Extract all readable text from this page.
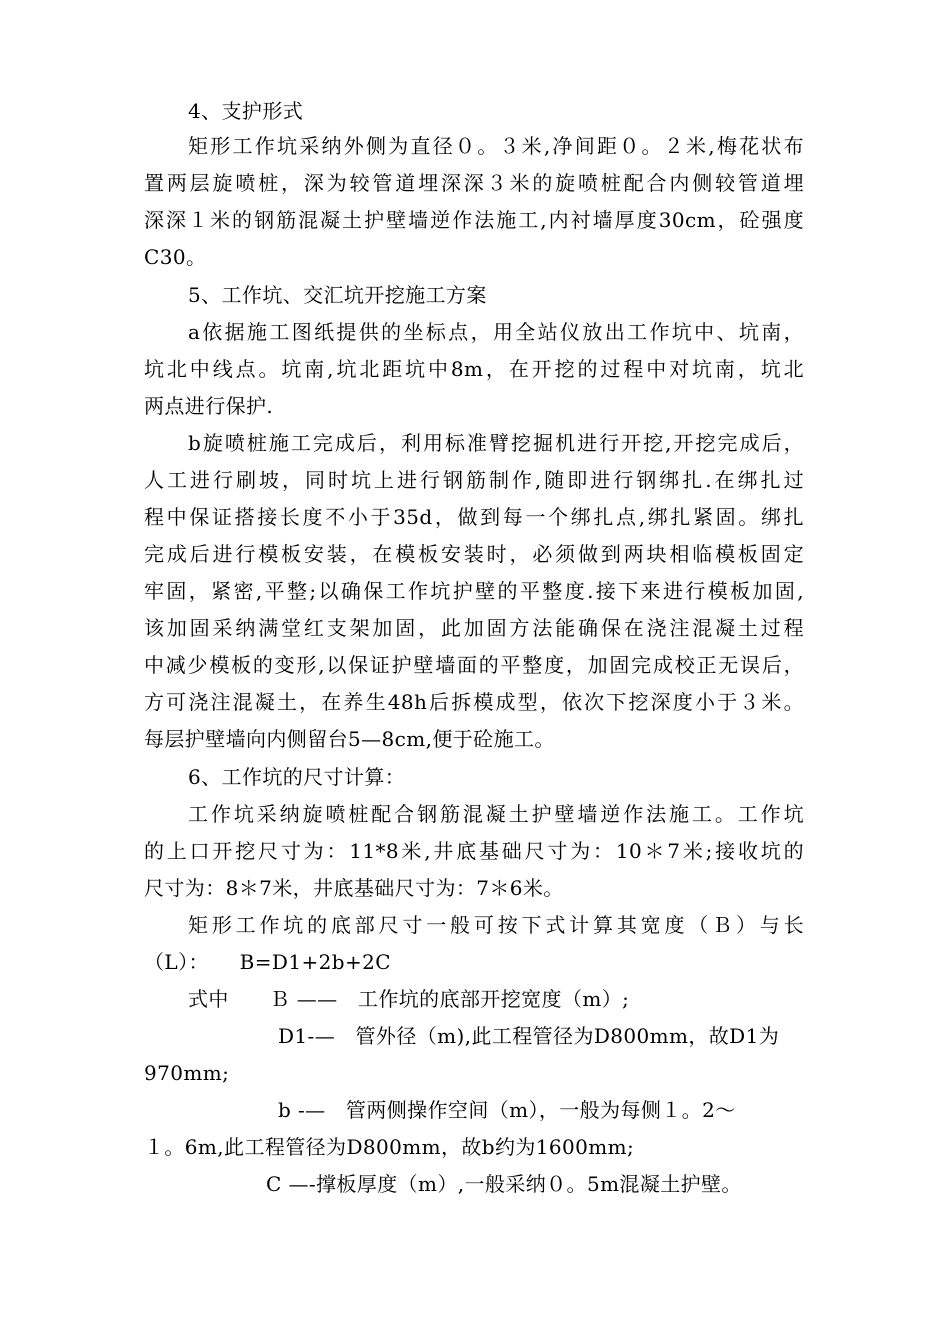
4、支护形式
矩形工作坑采纳外侧为直径０。３米,净间距０。２米,梅花状布
置两层旋喷桩，深为较管道埋深深３米的旋喷桩配合内侧较管道埋
深深１米的钢筋混凝土护壁墙逆作法施工,内衬墙厚度30cm，砼强度
C30。
5、工作坑、交汇坑开挖施工方案
a依据施工图纸提供的坐标点，用全站仪放出工作坑中、坑南，
坑北中线点。坑南,坑北距坑中8m，在开挖的过程中对坑南，坑北
两点进行保护.
b旋喷桩施工完成后，利用标准臂挖掘机进行开挖,开挖完成后，
人工进行刷坡，同时坑上进行钢筋制作,随即进行钢绑扎.在绑扎过
程中保证搭接长度不小于35d，做到每一个绑扎点,绑扎紧固。绑扎
完成后进行模板安装，在模板安装时，必须做到两块相临模板固定
牢固，紧密,平整;以确保工作坑护壁的平整度.接下来进行模板加固,
该加固采纳满堂红支架加固，此加固方法能确保在浇注混凝土过程
中减少模板的变形,以保证护壁墙面的平整度，加固完成校正无误后，
方可浇注混凝土，在养生48h后拆模成型，依次下挖深度小于３米。
每层护壁墙向内侧留台5—8cm,便于砼施工。
6、工作坑的尺寸计算：
工作坑采纳旋喷桩配合钢筋混凝土护壁墙逆作法施工。工作坑
的上口开挖尺寸为：11*8米,井底基础尺寸为：10＊7米;接收坑的
尺寸为：8＊7米，井底基础尺寸为：7＊6米。
矩形工作坑的底部尺寸一般可按下式计算其宽度（Ｂ）与长
（L）：　　B=D1+2b+2C
式中　　Ｂ ——　工作坑的底部开挖宽度（m）;
D1-—　管外径（m),此工程管径为D800mm，故D1为
970mm;
b -—　管两侧操作空间（m），一般为每侧１。2～
１。6m,此工程管径为D800mm，故b约为1600mm;
C —-撑板厚度（m）,一般采纳０。5m混凝土护壁。
